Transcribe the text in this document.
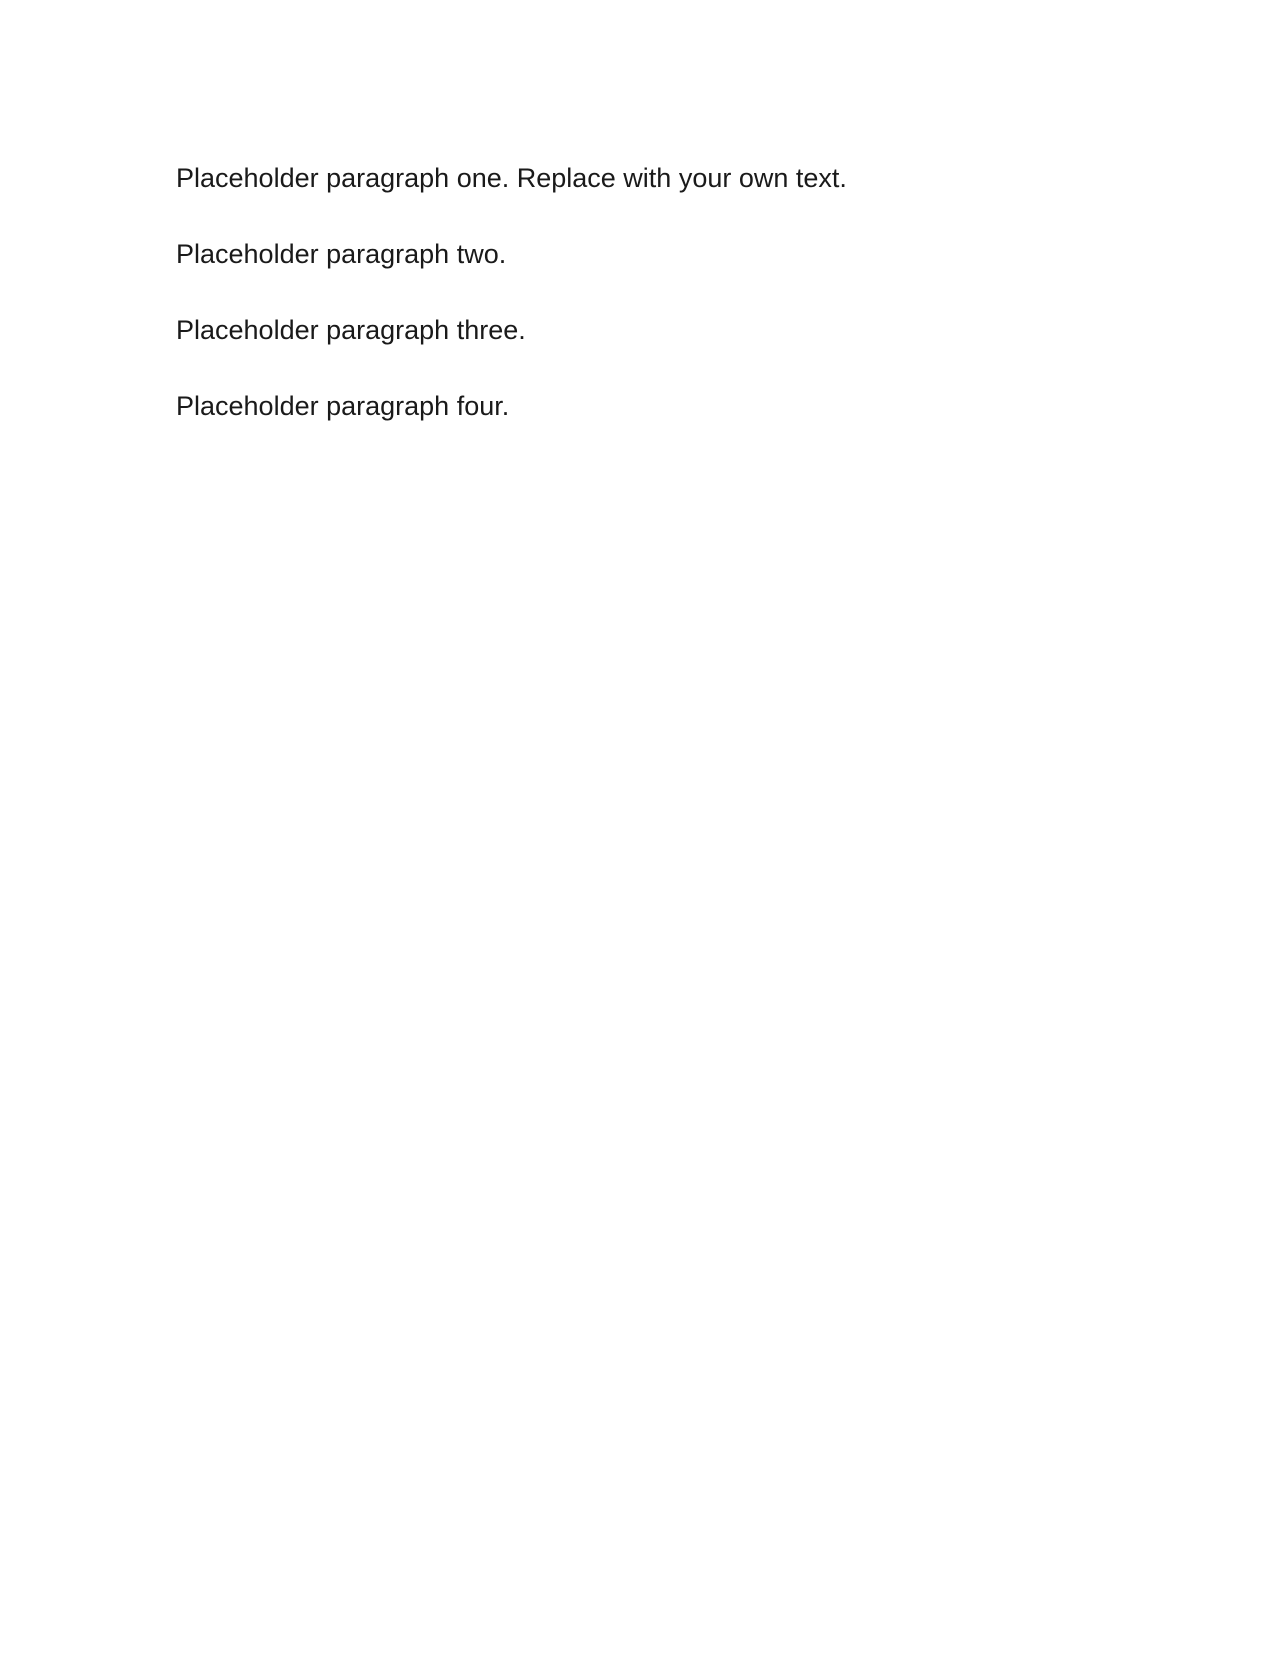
Placeholder paragraph one. Replace with your own text.

Placeholder paragraph two.

Placeholder paragraph three.

Placeholder paragraph four.
